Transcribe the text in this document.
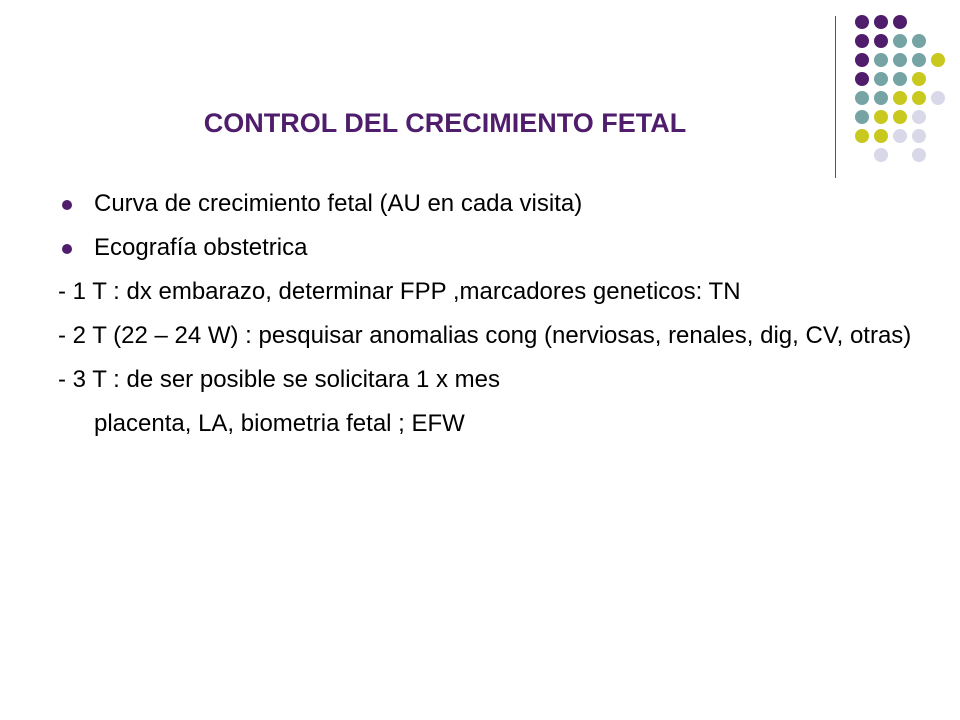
CONTROL DEL CRECIMIENTO FETAL

Curva de crecimiento fetal (AU en cada visita)

Ecografía obstetrica

- 1 T : dx embarazo, determinar FPP ,marcadores geneticos: TN

- 2 T (22 – 24 W) : pesquisar anomalias cong (nerviosas, renales, dig, CV, otras)

- 3 T : de ser posible se solicitara 1 x mes

placenta, LA, biometria fetal ; EFW
